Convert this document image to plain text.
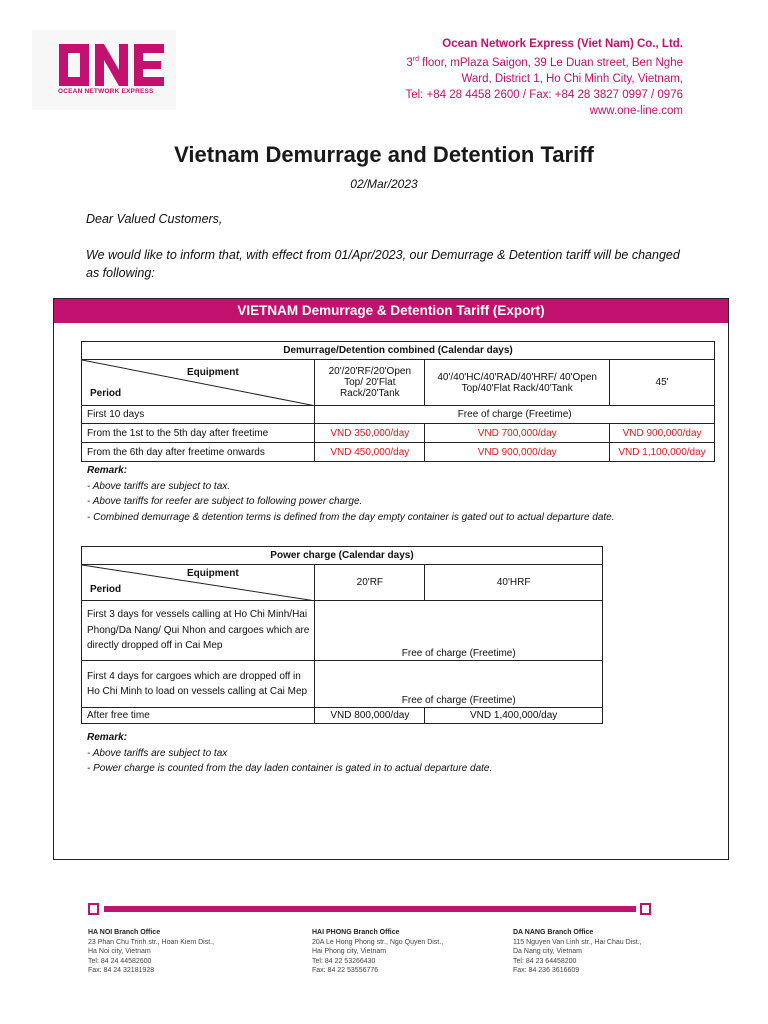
OCEAN NETWORK EXPRESS
Ocean Network Express (Viet Nam) Co., Ltd.
3rd floor, mPlaza Saigon, 39 Le Duan street, Ben Nghe
Ward, District 1, Ho Chi Minh City, Vietnam,
Tel: +84 28 4458 2600 / Fax: +84 28 3827 0997 / 0976
www.one-line.com
Vietnam Demurrage and Detention Tariff
02/Mar/2023
Dear Valued Customers,
We would like to inform that, with effect from 01/Apr/2023, our Demurrage & Detention tariff will be changed as following:
VIETNAM Demurrage & Detention Tariff (Export)
Demurrage/Detention combined (Calendar days)			

Equipment
Period	20'/20'RF/20'Open Top/ 20'Flat Rack/20'Tank	40'/40'HC/40'RAD/40'HRF/ 40'Open Top/40'Flat Rack/40'Tank	45'
First 10 days	Free of charge (Freetime)		
From the 1st to the 5th day after freetime	VND 350,000/day	VND 700,000/day	VND 900,000/day
From the 6th day after freetime onwards	VND 450,000/day	VND 900,000/day	VND 1,100,000/day
Remark:
- Above tariffs are subject to tax.
- Above tariffs for reefer are subject to following power charge.
- Combined demurrage & detention terms is defined from the day empty container is gated out to actual departure date.
Power charge (Calendar days)		

Equipment
Period	20'RF	40'HRF
First 3 days for vessels calling at Ho Chi Minh/Hai Phong/Da Nang/ Qui Nhon and cargoes which are directly dropped off in Cai Mep	Free of charge (Freetime)	
First 4 days for cargoes which are dropped off in Ho Chi Minh to load on vessels calling at Cai Mep	Free of charge (Freetime)	
After free time	VND 800,000/day	VND 1,400,000/day
Remark:
- Above tariffs are subject to tax
- Power charge is counted from the day laden container is gated in to actual departure date.
HA NOI Branch Office
23 Phan Chu Trinh str., Hoan Kiem Dist.,
Ha Noi city, Vietnam
Tel: 84 24 44582600
Fax: 84 24 32181928
HAI PHONG Branch Office
20A Le Hong Phong str., Ngo Quyen Dist.,
Hai Phong city, Vietnam
Tel: 84 22 53266430
Fax: 84 22 53556776
DA NANG Branch Office
115 Nguyen Van Linh str., Hai Chau Dist.,
Da Nang city, Vietnam
Tel: 84 23 64458200
Fax: 84 236 3616609
